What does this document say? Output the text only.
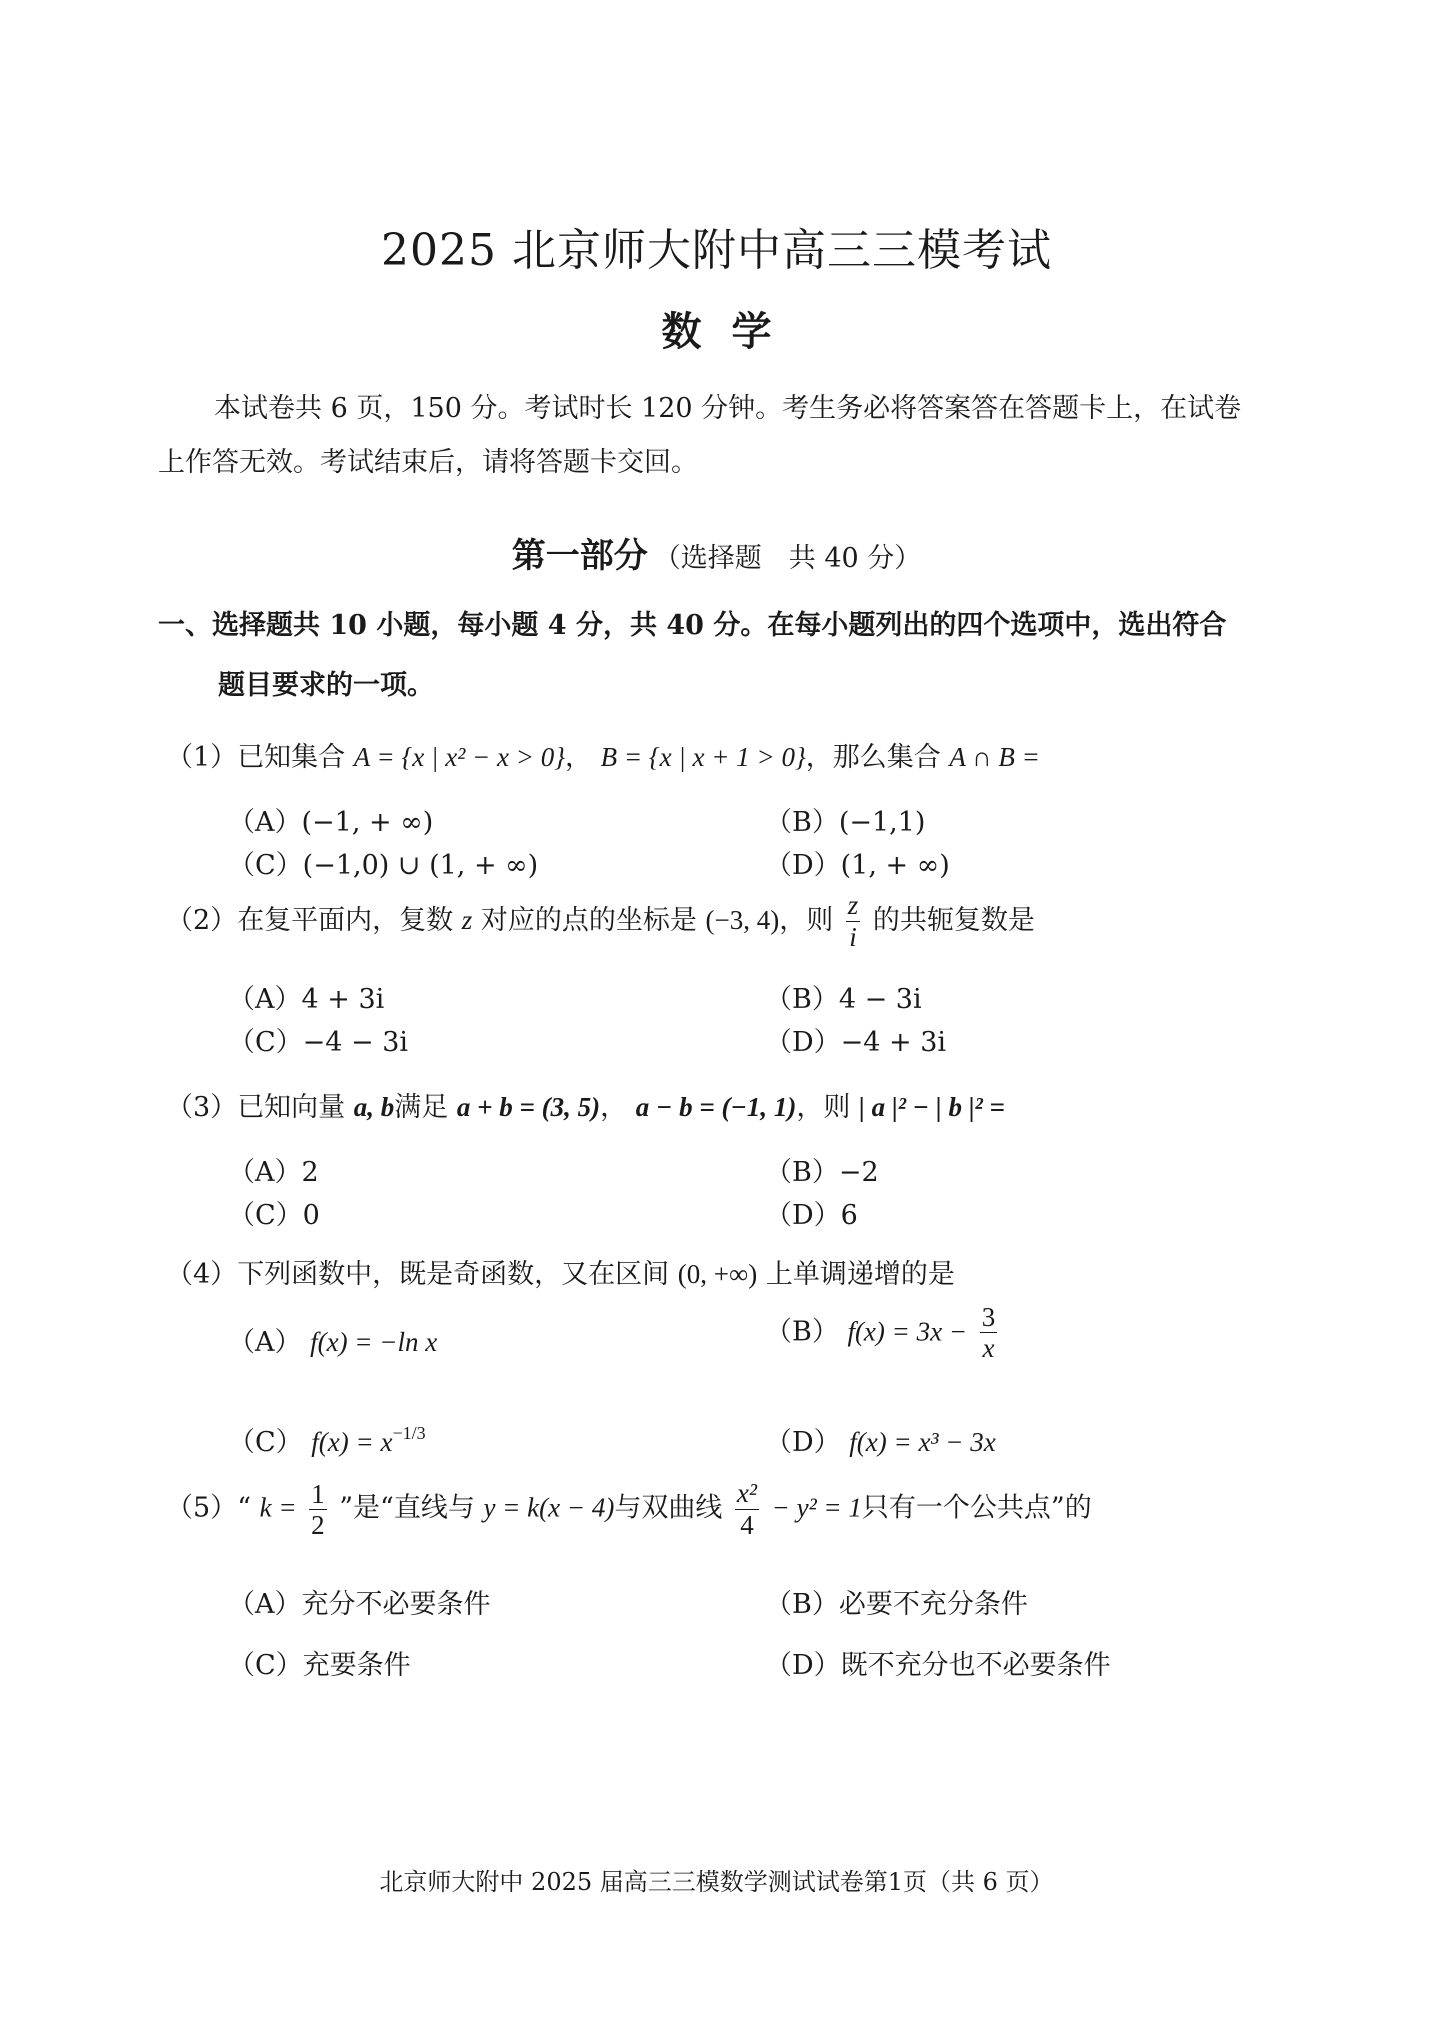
2025 北京师大附中高三三模考试
数学
本试卷共 6 页，150 分。考试时长 120 分钟。考生务必将答案答在答题卡上，在试卷
上作答无效。考试结束后，请将答题卡交回。
第一部分 （选择题　共 40 分）
一、选择题共 10 小题，每小题 4 分，共 40 分。在每小题列出的四个选项中，选出符合
题目要求的一项。
（1）已知集合 A = {x | x² − x > 0}， B = {x | x + 1 > 0}，那么集合 A ∩ B =
（A）(−1, + ∞)	（B）(−1,1)
（C）(−1,0) ∪ (1, + ∞)	（D）(1, + ∞)
（2）在复平面内，复数 z 对应的点的坐标是 (−3, 4)，则 $\frac{z}{i}$ 的共轭复数是
（A）4 + 3i	（B）4 − 3i
（C）−4 − 3i	（D）−4 + 3i
（3）已知向量 a, b满足 a + b = (3, 5)， a − b = (−1, 1)，则 | a |² − | b |² =
（A）2	（B）−2
（C）0	（D）6
（4）下列函数中，既是奇函数，又在区间 (0, +∞) 上单调递增的是
（A） f(x) = −ln x	（B） $f(x) = 3x - \frac{3}{x}$
（C） $f(x) = x^{-1/3}$	（D） f(x) = x³ − 3x
（5）“ $k = \frac{1}{2}$ ”是“直线与 y = k(x − 4)与双曲线 $\frac{\text{x²}}{4} - y^2 = 1$只有一个公共点”的
（A）充分不必要条件	（B）必要不充分条件
（C）充要条件	（D）既不充分也不必要条件
北京师大附中 2025 届高三三模数学测试试卷第1页（共 6 页）
